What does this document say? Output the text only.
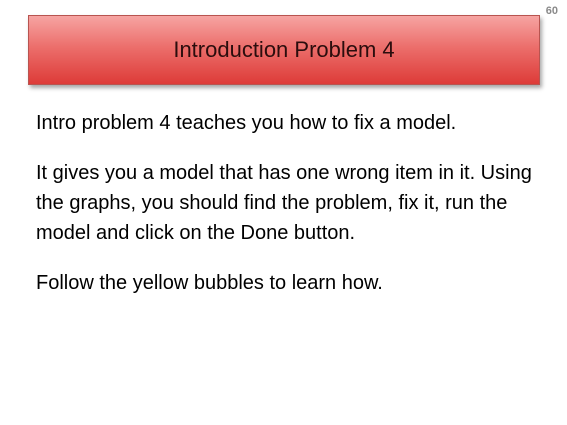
60
Introduction Problem 4

Intro problem 4 teaches you how to fix a model.

It gives you a model that has one wrong item in it. Using the graphs, you should find the problem, fix it, run the model and click on the Done button.

Follow the yellow bubbles to learn how.
